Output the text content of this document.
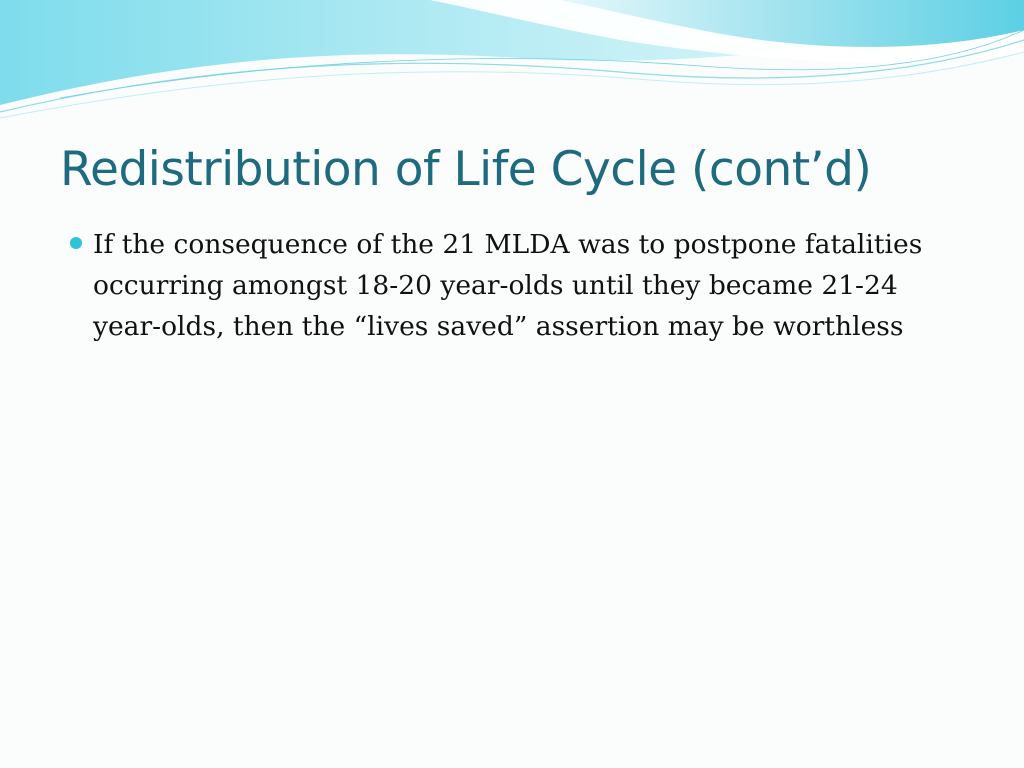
Redistribution of Life Cycle (cont’d)
If the consequence of the 21 MLDA was to postpone fatalities occurring amongst 18-20 year-olds until they became 21-24 year-olds, then the “lives saved” assertion may be worthless
